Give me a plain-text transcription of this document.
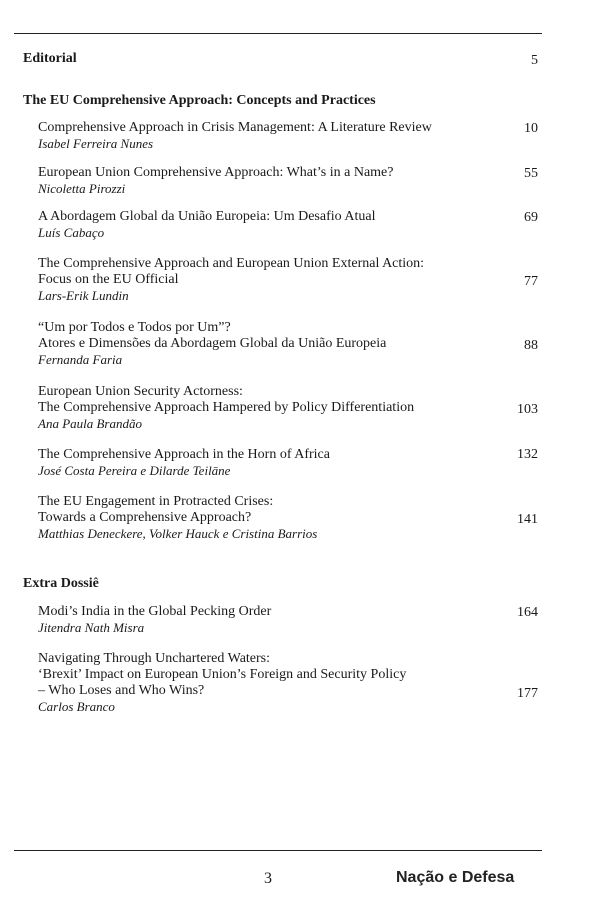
Editorial	5
The EU Comprehensive Approach: Concepts and Practices
Comprehensive Approach in Crisis Management: A Literature Review
Isabel Ferreira Nunes
10
European Union Comprehensive Approach: What’s in a Name?
Nicoletta Pirozzi
55
A Abordagem Global da União Europeia: Um Desafio Atual
Luís Cabaço
69
The Comprehensive Approach and European Union External Action:
Focus on the EU Official
Lars-Erik Lundin
77
“Um por Todos e Todos por Um”?
Atores e Dimensões da Abordagem Global da União Europeia
Fernanda Faria
88
European Union Security Actorness:
The Comprehensive Approach Hampered by Policy Differentiation
Ana Paula Brandão
103
The Comprehensive Approach in the Horn of Africa
José Costa Pereira e Dilarde Teilāne
132
The EU Engagement in Protracted Crises:
Towards a Comprehensive Approach?
Matthias Deneckere, Volker Hauck e Cristina Barrios
141
Extra Dossiê
Modi’s India in the Global Pecking Order
Jitendra Nath Misra
164
Navigating Through Unchartered Waters:
‘Brexit’ Impact on European Union’s Foreign and Security Policy
– Who Loses and Who Wins?
Carlos Branco
177
3	Nação e Defesa
